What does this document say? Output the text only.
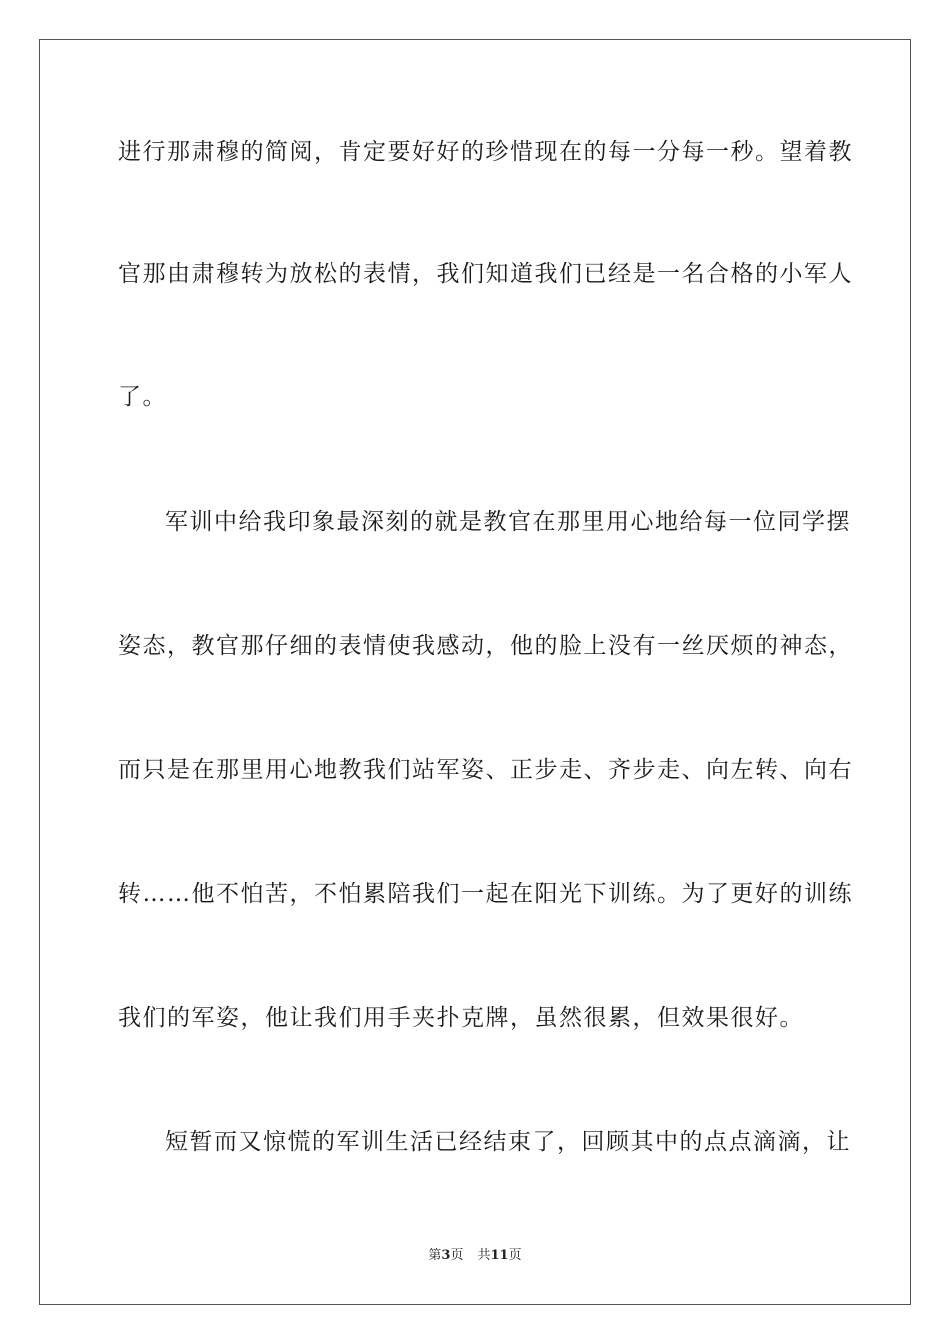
进行那肃穆的简阅，肯定要好好的珍惜现在的每一分每一秒。望着教
官那由肃穆转为放松的表情，我们知道我们已经是一名合格的小军人
了。
军训中给我印象最深刻的就是教官在那里用心地给每一位同学摆
姿态，教官那仔细的表情使我感动，他的脸上没有一丝厌烦的神态，
而只是在那里用心地教我们站军姿、正步走、齐步走、向左转、向右
转……他不怕苦，不怕累陪我们一起在阳光下训练。为了更好的训练
我们的军姿，他让我们用手夹扑克牌，虽然很累，但效果很好。
短暂而又惊慌的军训生活已经结束了，回顾其中的点点滴滴，让
第3页 共11页
